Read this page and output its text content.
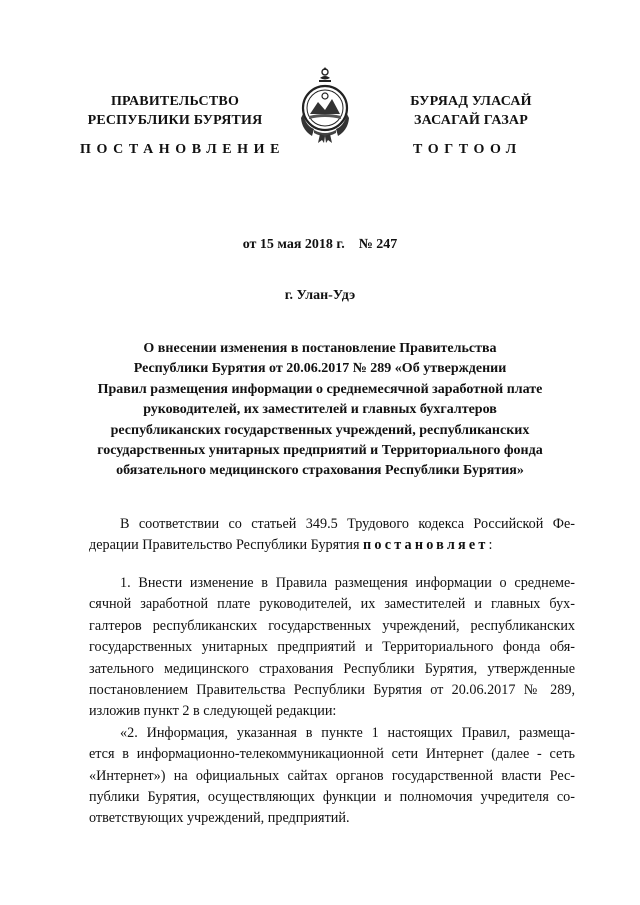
ПРАВИТЕЛЬСТВО
РЕСПУБЛИКИ БУРЯТИЯ
БУРЯАД УЛАСАЙ
ЗАСАГАЙ ГАЗАР
ПОСТАНОВЛЕНИЕ	ТОГТООЛ
от 15 мая 2018 г. № 247
г. Улан-Удэ
О внесении изменения в постановление Правительства
Республики Бурятия от 20.06.2017 № 289 «Об утверждении
Правил размещения информации о среднемесячной заработной плате
руководителей, их заместителей и главных бухгалтеров
республиканских государственных учреждений, республиканских
государственных унитарных предприятий и Территориального фонда
обязательного медицинского страхования Республики Бурятия»
В соответствии со статьей 349.5 Трудового кодекса Российской Фе-
дерации Правительство Республики Бурятия постановляет:
1. Внести изменение в Правила размещения информации о среднеме-
сячной заработной плате руководителей, их заместителей и главных бух-
галтеров республиканских государственных учреждений, республиканских
государственных унитарных предприятий и Территориального фонда обя-
зательного медицинского страхования Республики Бурятия, утвержденные
постановлением Правительства Республики Бурятия от 20.06.2017 № 289,
изложив пункт 2 в следующей редакции:
«2. Информация, указанная в пункте 1 настоящих Правил, размеща-
ется в информационно-телекоммуникационной сети Интернет (далее - сеть
«Интернет») на официальных сайтах органов государственной власти Рес-
публики Бурятия, осуществляющих функции и полномочия учредителя со-
ответствующих учреждений, предприятий.
